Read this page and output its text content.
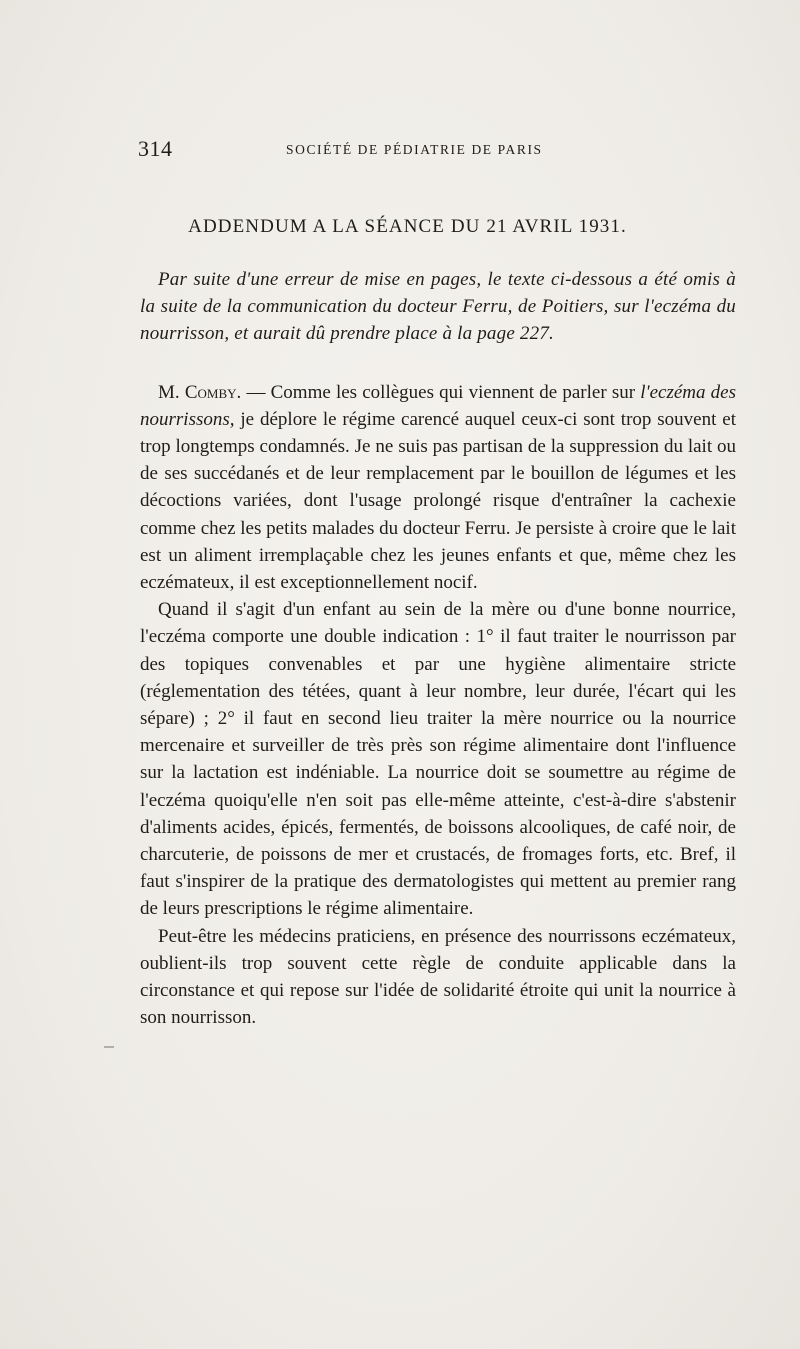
314	SOCIÉTÉ DE PÉDIATRIE DE PARIS
ADDENDUM A LA SÉANCE DU 21 AVRIL 1931.

Par suite d'une erreur de mise en pages, le texte ci-dessous a été omis à la suite de la communication du docteur Ferru, de Poitiers, sur l'eczéma du nourrisson, et aurait dû prendre place à la page 227.

M. Comby. — Comme les collègues qui viennent de parler sur l'eczéma des nourrissons, je déplore le régime carencé auquel ceux-ci sont trop souvent et trop longtemps condamnés. Je ne suis pas partisan de la suppression du lait ou de ses succédanés et de leur remplacement par le bouillon de légumes et les décoctions variées, dont l'usage prolongé risque d'entraîner la cachexie comme chez les petits malades du docteur Ferru. Je persiste à croire que le lait est un aliment irremplaçable chez les jeunes enfants et que, même chez les eczémateux, il est exceptionnellement nocif.

Quand il s'agit d'un enfant au sein de la mère ou d'une bonne nourrice, l'eczéma comporte une double indication : 1° il faut traiter le nourrisson par des topiques convenables et par une hygiène alimentaire stricte (réglementation des tétées, quant à leur nombre, leur durée, l'écart qui les sépare) ; 2° il faut en second lieu traiter la mère nourrice ou la nourrice mercenaire et surveiller de très près son régime alimentaire dont l'influence sur la lactation est indéniable. La nourrice doit se soumettre au régime de l'eczéma quoiqu'elle n'en soit pas elle-même atteinte, c'est-à-dire s'abstenir d'aliments acides, épicés, fermentés, de boissons alcooliques, de café noir, de charcuterie, de poissons de mer et crustacés, de fromages forts, etc. Bref, il faut s'inspirer de la pratique des dermatologistes qui mettent au premier rang de leurs prescriptions le régime alimentaire.

Peut-être les médecins praticiens, en présence des nourrissons eczémateux, oublient-ils trop souvent cette règle de conduite applicable dans la circonstance et qui repose sur l'idée de solidarité étroite qui unit la nourrice à son nourrisson.
